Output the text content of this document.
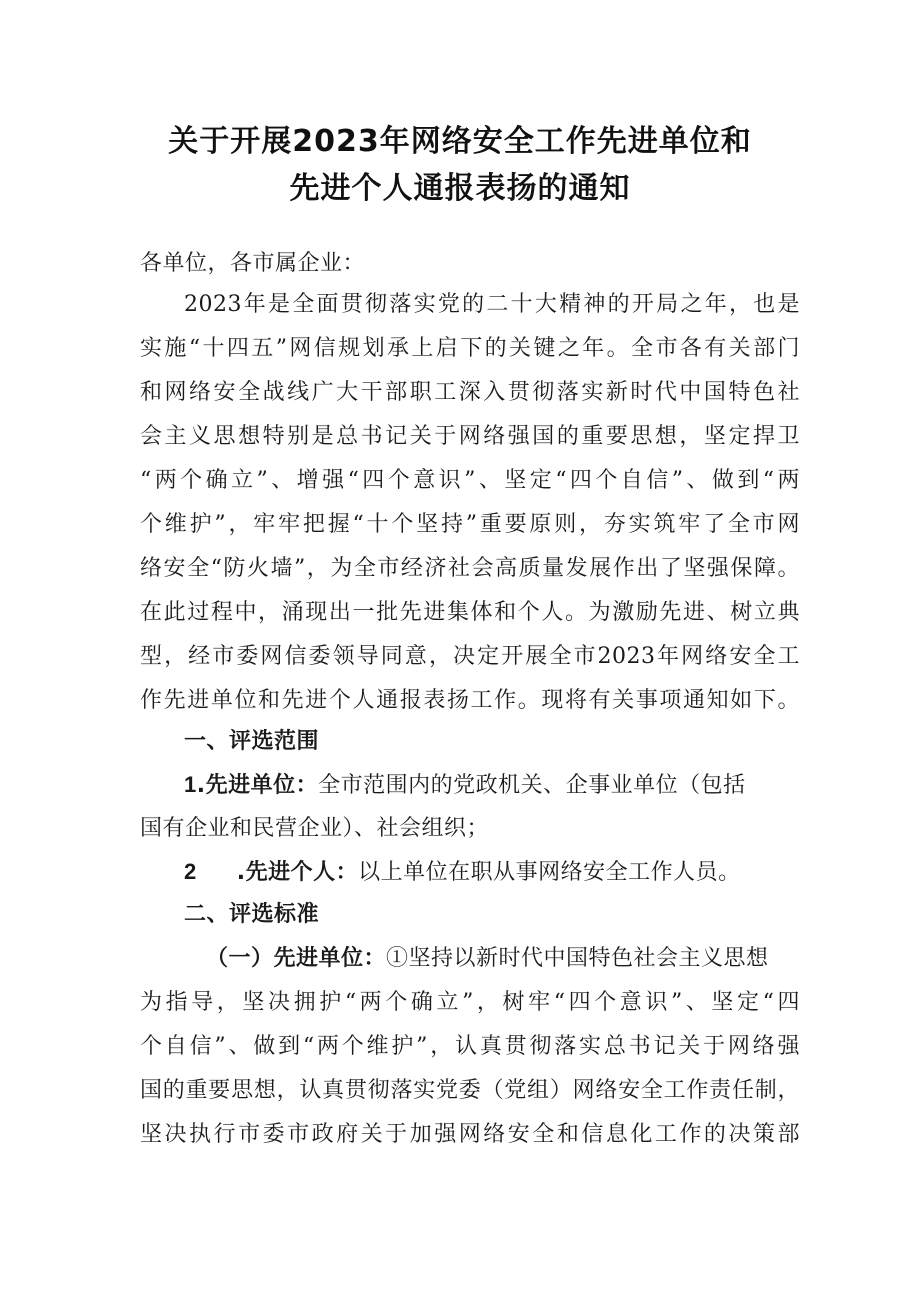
关于开展2023年网络安全工作先进单位和
先进个人通报表扬的通知
各单位，各市属企业：
2023年是全面贯彻落实党的二十大精神的开局之年，也是
实施“十四五”网信规划承上启下的关键之年。全市各有关部门
和网络安全战线广大干部职工深入贯彻落实新时代中国特色社
会主义思想特别是总书记关于网络强国的重要思想，坚定捍卫
“两个确立”、增强“四个意识”、坚定“四个自信”、做到“两
个维护”，牢牢把握“十个坚持”重要原则，夯实筑牢了全市网
络安全“防火墙”，为全市经济社会高质量发展作出了坚强保障。
在此过程中，涌现出一批先进集体和个人。为激励先进、树立典
型，经市委网信委领导同意，决定开展全市2023年网络安全工
作先进单位和先进个人通报表扬工作。现将有关事项通知如下。
一、评选范围
1.先进单位：全市范围内的党政机关、企事业单位（包括
国有企业和民营企业）、社会组织；
2 .先进个人：以上单位在职从事网络安全工作人员。
二、评选标准
（一）先进单位：①坚持以新时代中国特色社会主义思想
为指导，坚决拥护“两个确立”，树牢“四个意识”、坚定“四
个自信”、做到“两个维护”，认真贯彻落实总书记关于网络强
国的重要思想，认真贯彻落实党委（党组）网络安全工作责任制，
坚决执行市委市政府关于加强网络安全和信息化工作的决策部
